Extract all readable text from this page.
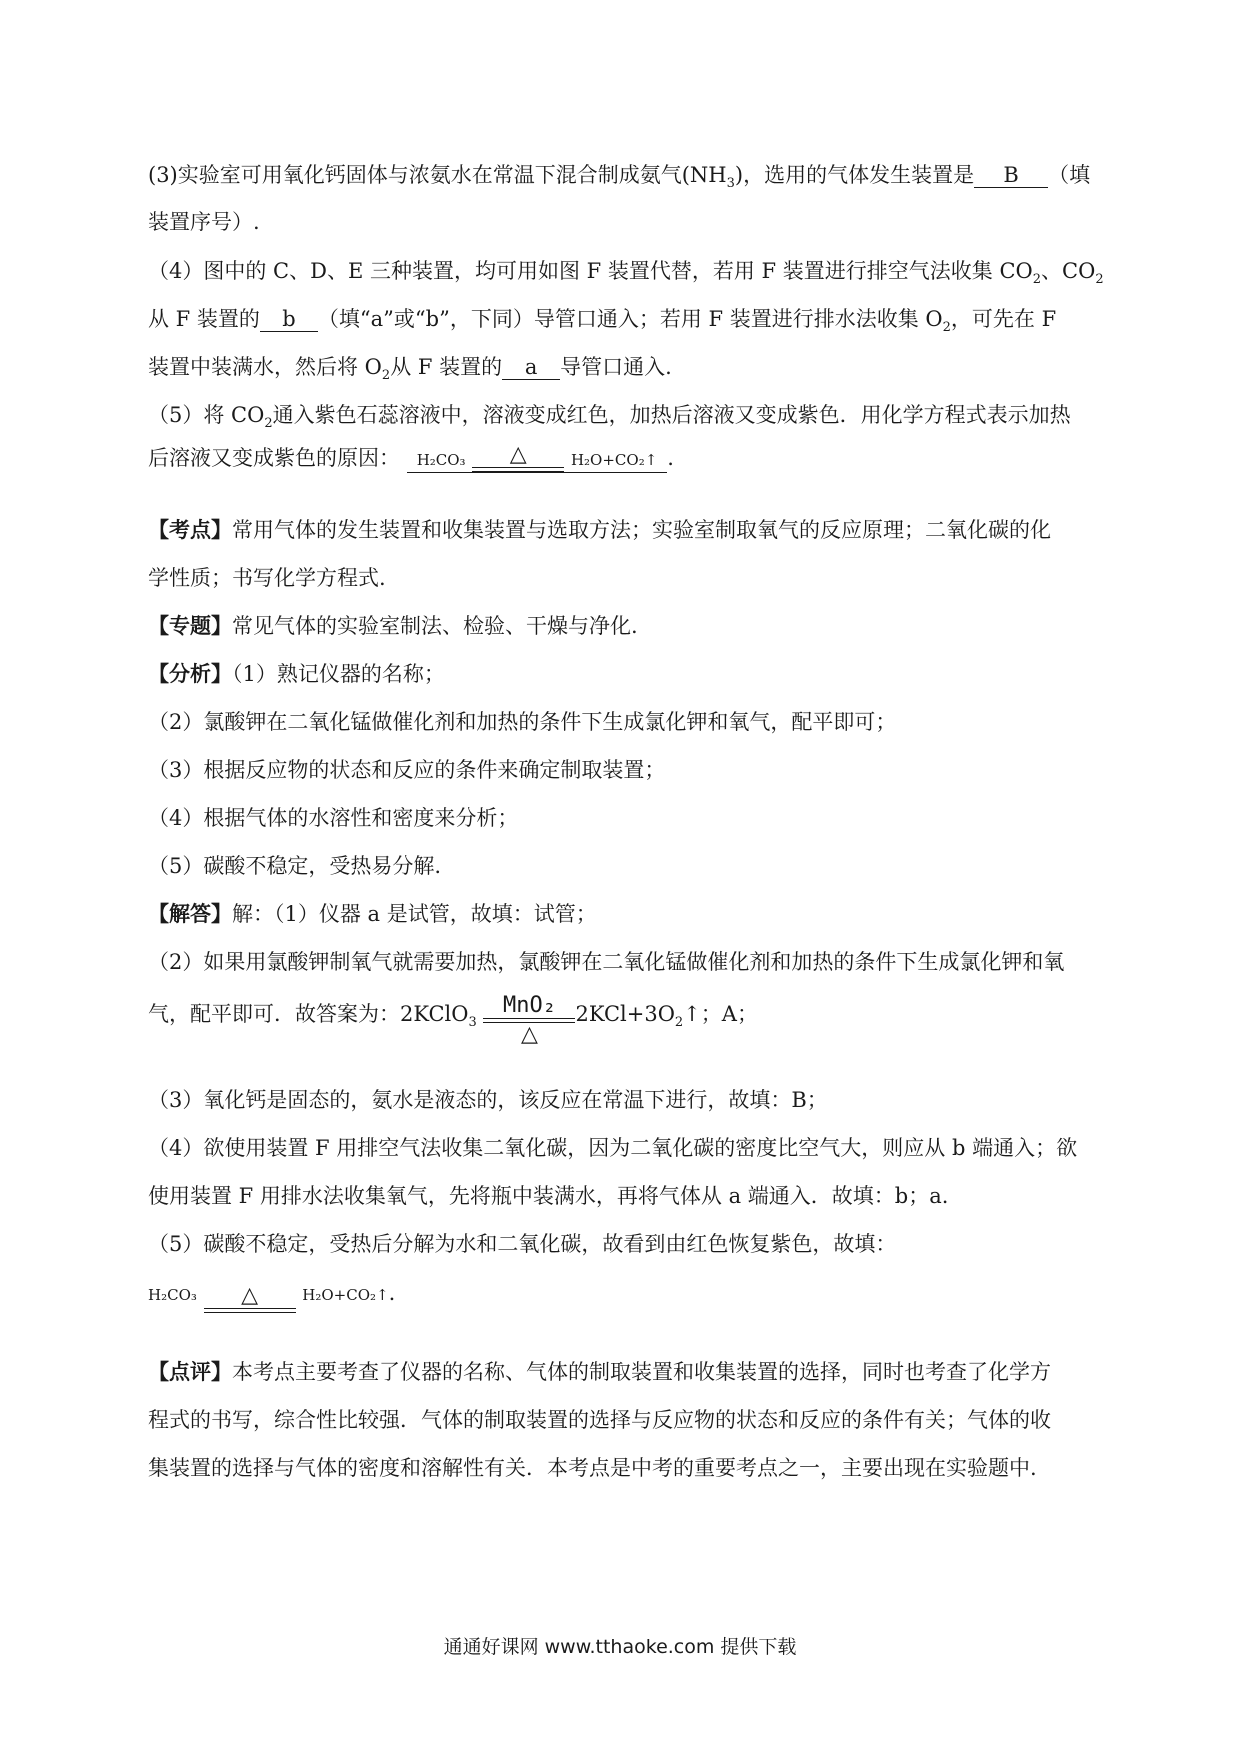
(3)实验室可用氧化钙固体与浓氨水在常温下混合制成氨气$(NH_3)$，选用的气体发生装置是 B （填
装置序号）.
（4）图中的 C、D、E 三种装置，均可用如图 F 装置代替，若用 F 装置进行排空气法收集 $CO_2$、$CO_2$
从 F 装置的 b （填“a”或“b”，下同）导管口通入；若用 F 装置进行排水法收集 $O_2$，可先在 F
装置中装满水，然后将 $O_2$从 F 装置的 a 导管口通入.
（5）将 $CO_2$通入紫色石蕊溶液中，溶液变成红色，加热后溶液又变成紫色．用化学方程式表示加热
后溶液又变成紫色的原因： H₂CO₃	△	H₂O+CO₂↑ .
【考点】常用气体的发生装置和收集装置与选取方法；实验室制取氧气的反应原理；二氧化碳的化
学性质；书写化学方程式.
【专题】常见气体的实验室制法、检验、干燥与净化.
【分析】（1）熟记仪器的名称；
（2）氯酸钾在二氧化锰做催化剂和加热的条件下生成氯化钾和氧气，配平即可；
（3）根据反应物的状态和反应的条件来确定制取装置；
（4）根据气体的水溶性和密度来分析；
（5）碳酸不稳定，受热易分解.
【解答】解：（1）仪器 a 是试管，故填：试管；
（2）如果用氯酸钾制氧气就需要加热，氯酸钾在二氧化锰做催化剂和加热的条件下生成氯化钾和氧
气，配平即可．故答案为：2KClO$_3$
MnO₂
△
$2KCl+3O_2↑$；A；
（3）氧化钙是固态的，氨水是液态的，该反应在常温下进行，故填：B；
（4）欲使用装置 F 用排空气法收集二氧化碳，因为二氧化碳的密度比空气大，则应从 b 端通入；欲
使用装置 F 用排水法收集氧气，先将瓶中装满水，再将气体从 a 端通入．故填：b；a.
（5）碳酸不稳定，受热后分解为水和二氧化碳，故看到由红色恢复紫色，故填：
H₂CO₃	△	H₂O+CO₂↑.
【点评】本考点主要考查了仪器的名称、气体的制取装置和收集装置的选择，同时也考查了化学方
程式的书写，综合性比较强．气体的制取装置的选择与反应物的状态和反应的条件有关；气体的收
集装置的选择与气体的密度和溶解性有关．本考点是中考的重要考点之一，主要出现在实验题中.
通通好课网 www.tthaoke.com 提供下载
